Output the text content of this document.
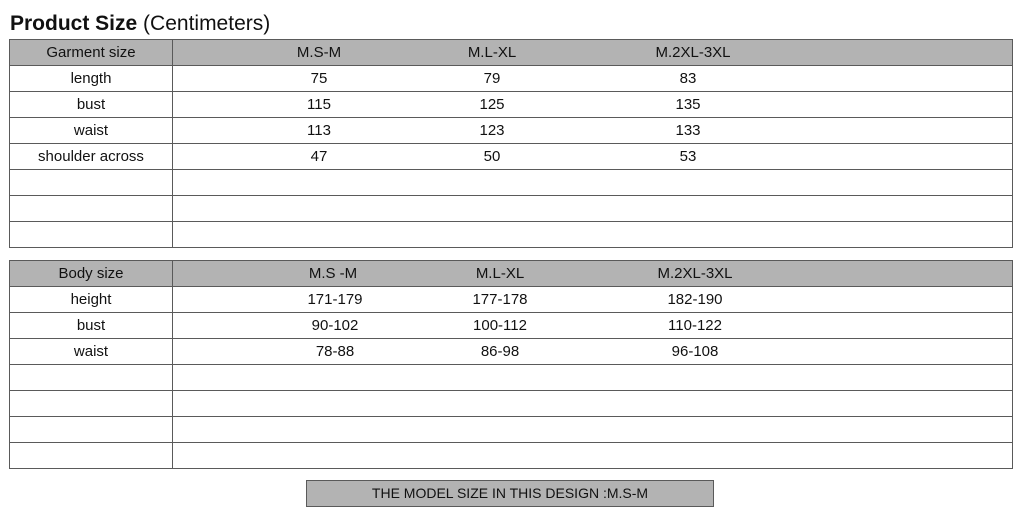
Product Size (Centimeters)
Garment size	M.S-M M.L-XL M.2XL-3XL

length	75 79 83

bust	115 125 135

waist	113 123 133

shoulder across	47 50 53

Body size	M.S -M M.L-XL M.2XL-3XL

height	171-179 177-178 182-190

bust	90-102 100-112 110-122

waist	78-88 86-98 96-108

THE MODEL SIZE IN THIS DESIGN :M.S-M
